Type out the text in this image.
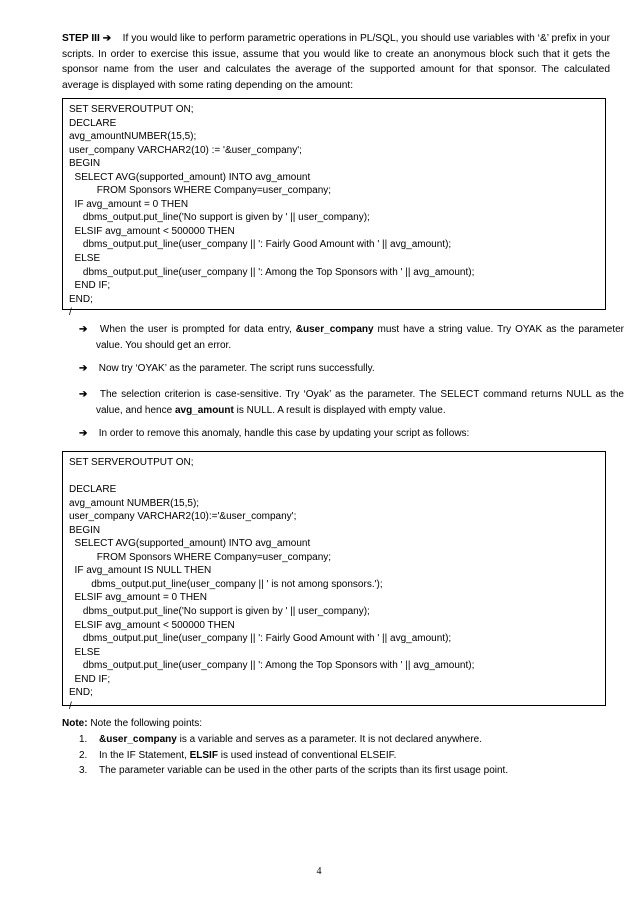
STEP III ➔ If you would like to perform parametric operations in PL/SQL, you should use variables with ‘&’ prefix in your scripts. In order to exercise this issue, assume that you would like to create an anonymous block such that it gets the sponsor name from the user and calculates the average of the supported amount for that sponsor. The calculated average is displayed with some rating depending on the amount:

SET SERVEROUTPUT ON;
DECLARE
avg_amountNUMBER(15,5);
user_company VARCHAR2(10) := '&user_company';
BEGIN
SELECT AVG(supported_amount) INTO avg_amount
FROM Sponsors WHERE Company=user_company;
IF avg_amount = 0 THEN
dbms_output.put_line('No support is given by ' || user_company);
ELSIF avg_amount < 500000 THEN
dbms_output.put_line(user_company || ': Fairly Good Amount with ' || avg_amount);
ELSE
dbms_output.put_line(user_company || ': Among the Top Sponsors with ' || avg_amount);
END IF;
END;
/

➔ When the user is prompted for data entry, &user_company must have a string value. Try OYAK as the parameter value. You should get an error.

➔ Now try ‘OYAK’ as the parameter. The script runs successfully.

➔ The selection criterion is case-sensitive. Try ‘Oyak’ as the parameter. The SELECT command returns NULL as the value, and hence avg_amount is NULL. A result is displayed with empty value.

➔ In order to remove this anomaly, handle this case by updating your script as follows:

SET SERVEROUTPUT ON;
DECLARE
avg_amount NUMBER(15,5);
user_company VARCHAR2(10):='&user_company';
BEGIN
SELECT AVG(supported_amount) INTO avg_amount
FROM Sponsors WHERE Company=user_company;
IF avg_amount IS NULL THEN
dbms_output.put_line(user_company || ' is not among sponsors.');
ELSIF avg_amount = 0 THEN
dbms_output.put_line('No support is given by ' || user_company);
ELSIF avg_amount < 500000 THEN
dbms_output.put_line(user_company || ': Fairly Good Amount with ' || avg_amount);
ELSE
dbms_output.put_line(user_company || ': Among the Top Sponsors with ' || avg_amount);
END IF;
END;
/
Note: Note the following points:
1. &user_company is a variable and serves as a parameter. It is not declared anywhere.
2. In the IF Statement, ELSIF is used instead of conventional ELSEIF.
3. The parameter variable can be used in the other parts of the scripts than its first usage point.
4
